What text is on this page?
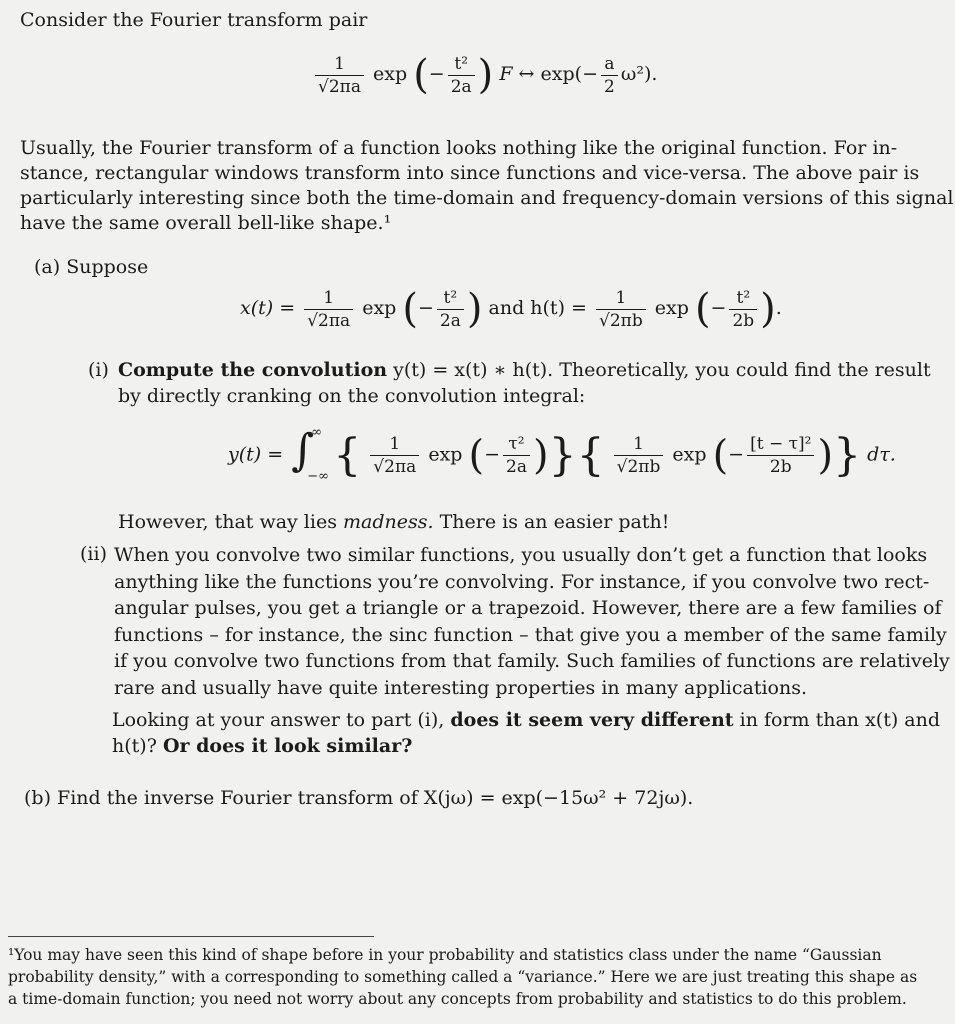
Consider the Fourier transform pair
$\frac{1}{√2\pi a}$ exp (− $\frac{\text{t²}}{2a}$ ) F ↔ $\exp(- \frac{a}{2} \omega^2)$.
Usually, the Fourier transform of a function looks nothing like the original function. For in-
stance, rectangular windows transform into since functions and vice-versa. The above pair is
particularly interesting since both the time-domain and frequency-domain versions of this signal
have the same overall bell-like shape.¹
(a) Suppose
$x(t) = \frac{1}{√2\pi a}$ exp (− $\frac{\text{t²}}{2a}$ ) and $h(t) = \frac{1}{√2\pi b}$ exp (− $\frac{\text{t²}}{2b}$ ).
(i) Compute the convolution y(t) = x(t) ∗ h(t). Theoretically, you could find the result
by directly cranking on the convolution integral:
y(t) = ∫
∞
−∞ { $\frac{1}{√2\pi a}$ exp (− $\frac{\text{τ²}}{2a}$ )}{ $\frac{1}{√2\pi b}$ exp (− $\frac{\text{[t − τ]²}}{2b}$ )} dτ.
However, that way lies madness. There is an easier path!
(ii) When you convolve two similar functions, you usually don’t get a function that looks
anything like the functions you’re convolving. For instance, if you convolve two rect-
angular pulses, you get a triangle or a trapezoid. However, there are a few families of
functions – for instance, the sinc function – that give you a member of the same family
if you convolve two functions from that family. Such families of functions are relatively
rare and usually have quite interesting properties in many applications.
Looking at your answer to part (i), does it seem very different in form than x(t) and
h(t)? Or does it look similar?
(b) Find the inverse Fourier transform of X(jω) = exp(−15ω² + 72jω).
¹You may have seen this kind of shape before in your probability and statistics class under the name “Gaussian
probability density,” with a corresponding to something called a “variance.” Here we are just treating this shape as
a time-domain function; you need not worry about any concepts from probability and statistics to do this problem.
